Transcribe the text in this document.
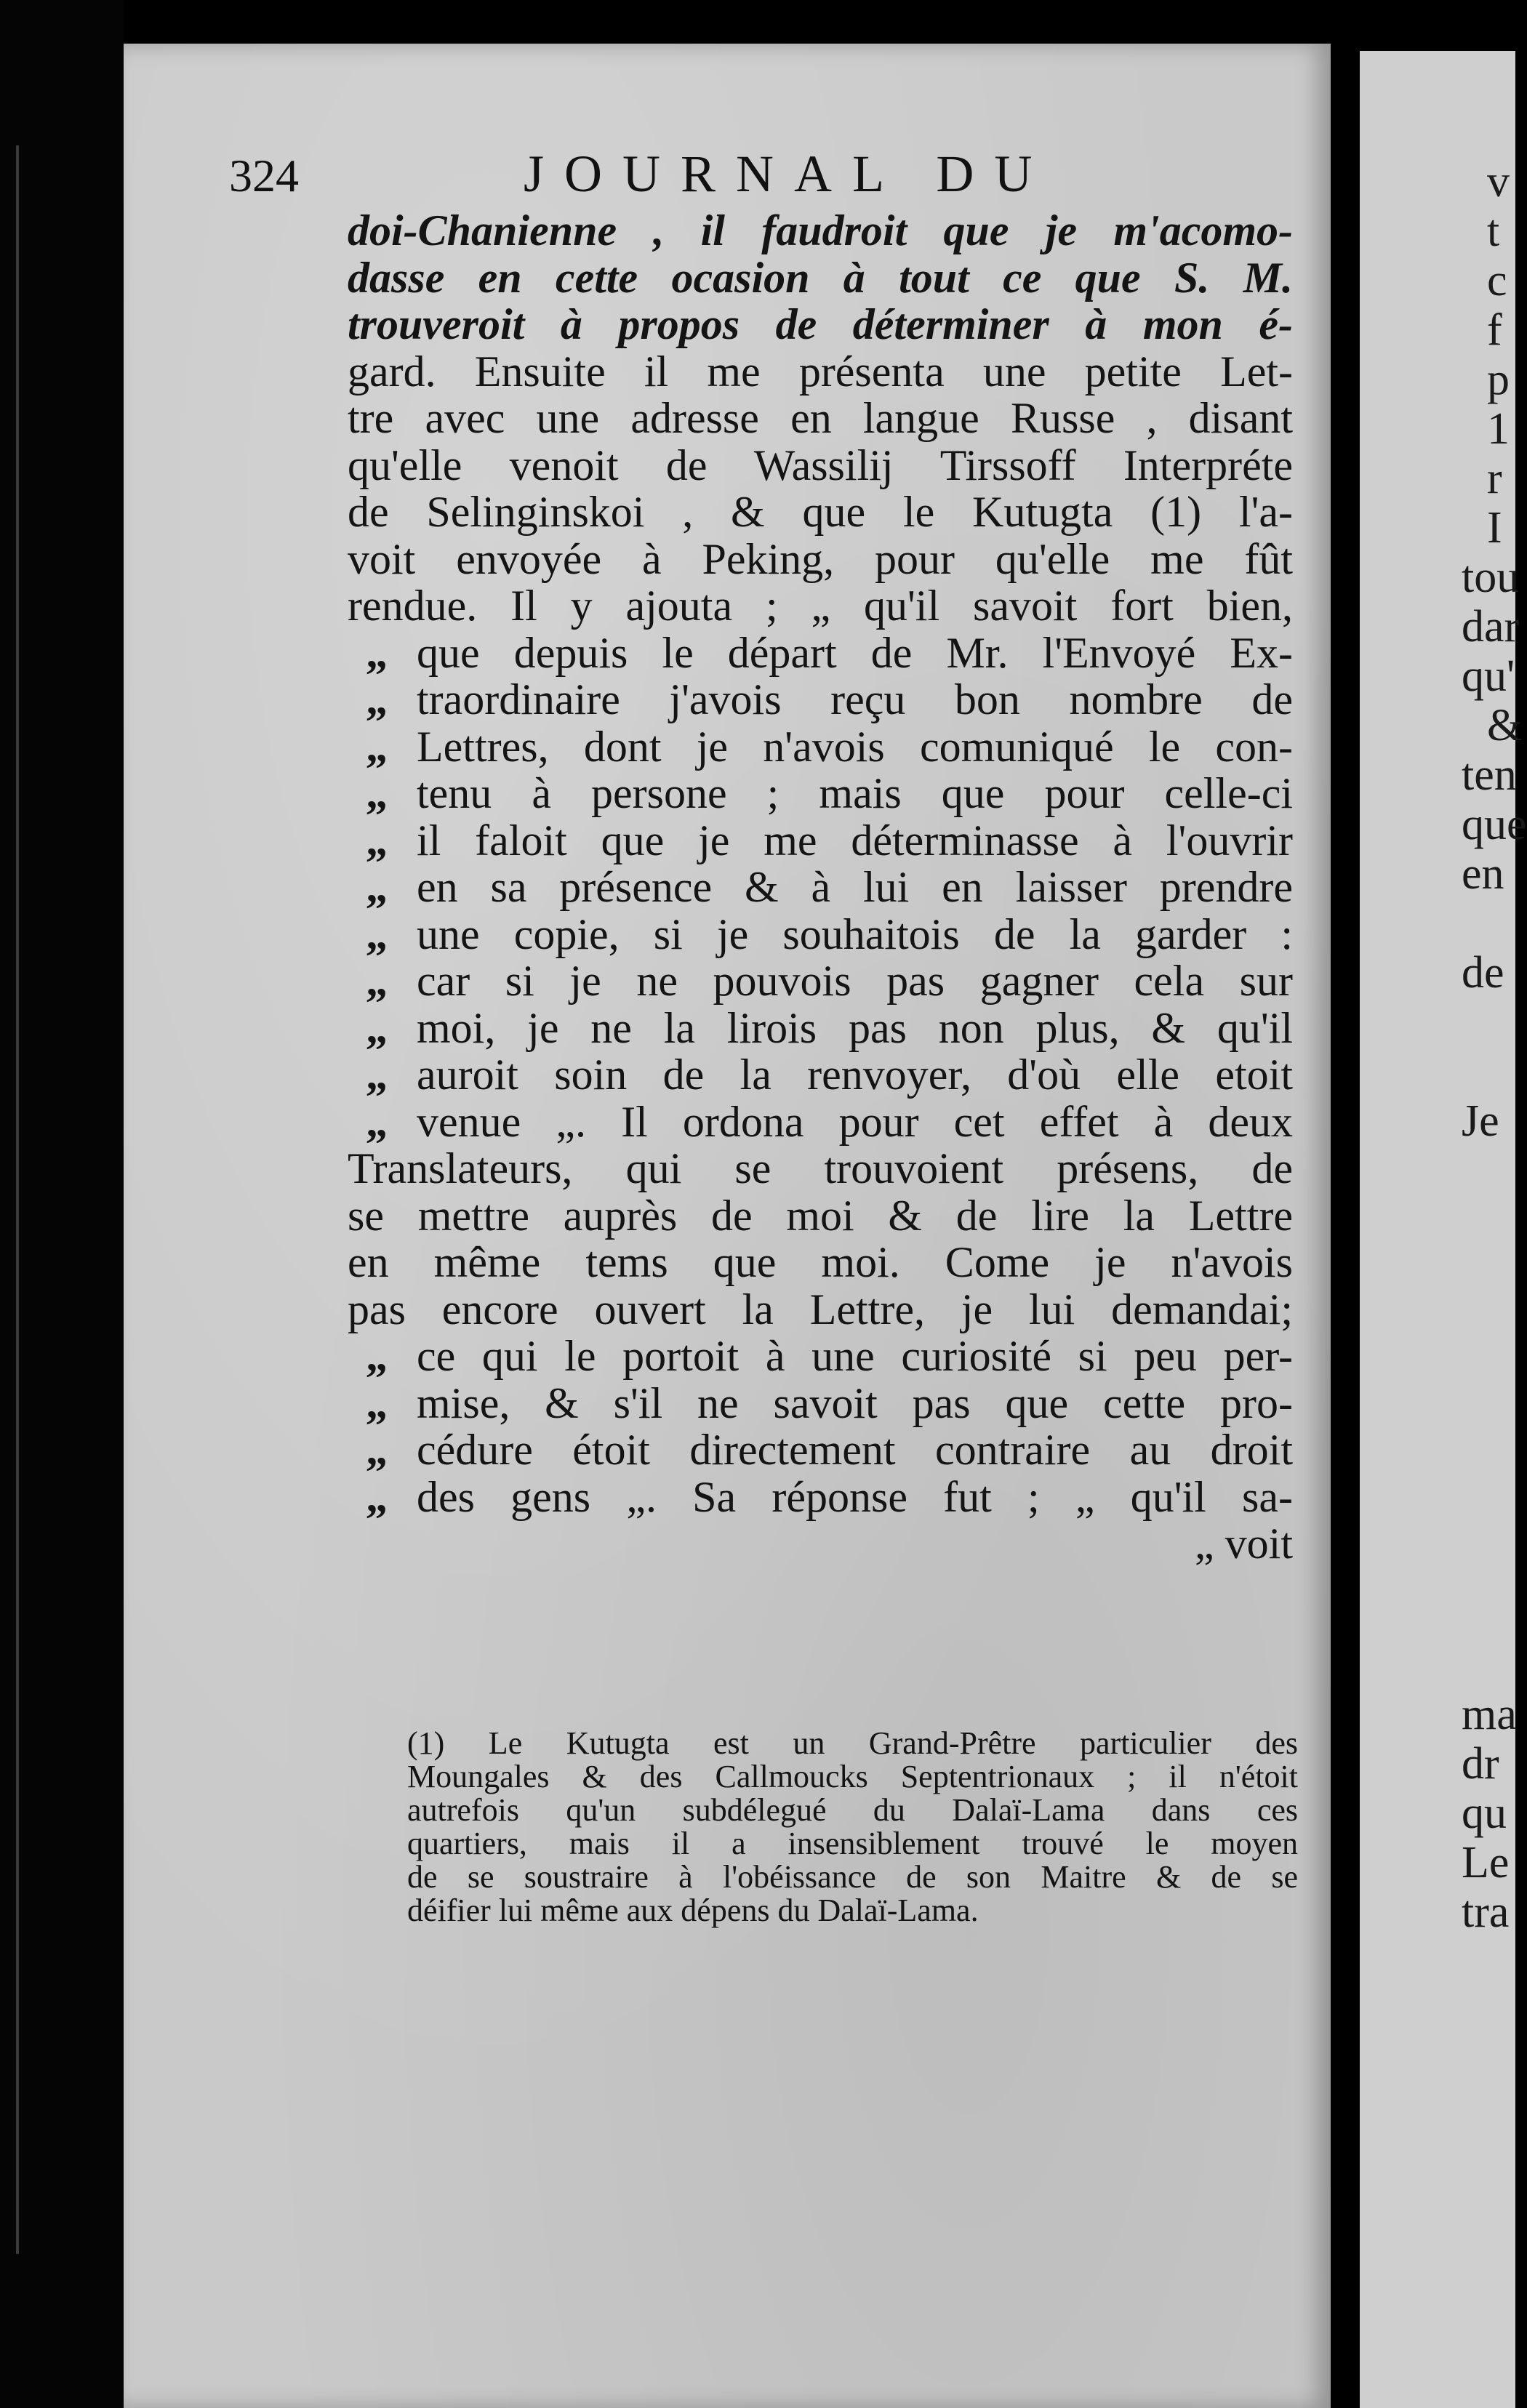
v
t
c
f
p
1
r
I
tou
dar
qu'
&
ten
que
en
de
Je
ma
dr
qu
Le
tra
324	JOURNAL DU
doi-Chanienne , il faudroit que je m'acomo-
dasse en cette ocasion à tout ce que S. M.
trouveroit à propos de déterminer à mon é-
gard. Ensuite il me présenta une petite Let-
tre avec une adresse en langue Russe , disant
qu'elle venoit de Wassilij Tirssoff Interpréte
de Selinginskoi , & que le Kutugta (1) l'a-
voit envoyée à Peking, pour qu'elle me fût
rendue. Il y ajouta ; „ qu'il savoit fort bien,
„ que depuis le départ de Mr. l'Envoyé Ex-
„ traordinaire j'avois reçu bon nombre de
„ Lettres, dont je n'avois comuniqué le con-
„ tenu à persone ; mais que pour celle-ci
„ il faloit que je me déterminasse à l'ouvrir
„ en sa présence & à lui en laisser prendre
„ une copie, si je souhaitois de la garder :
„ car si je ne pouvois pas gagner cela sur
„ moi, je ne la lirois pas non plus, & qu'il
„ auroit soin de la renvoyer, d'où elle etoit
„ venue „. Il ordona pour cet effet à deux
Translateurs, qui se trouvoient présens, de
se mettre auprès de moi & de lire la Lettre
en même tems que moi. Come je n'avois
pas encore ouvert la Lettre, je lui demandai;
„ ce qui le portoit à une curiosité si peu per-
„ mise, & s'il ne savoit pas que cette pro-
„ cédure étoit directement contraire au droit
„ des gens „. Sa réponse fut ; „ qu'il sa-
„ voit
(1) Le Kutugta est un Grand-Prêtre particulier des
Moungales & des Callmoucks Septentrionaux ; il n'étoit
autrefois qu'un subdélegué du Dalaï-Lama dans ces
quartiers, mais il a insensiblement trouvé le moyen
de se soustraire à l'obéissance de son Maitre & de se
déifier lui même aux dépens du Dalaï-Lama.
